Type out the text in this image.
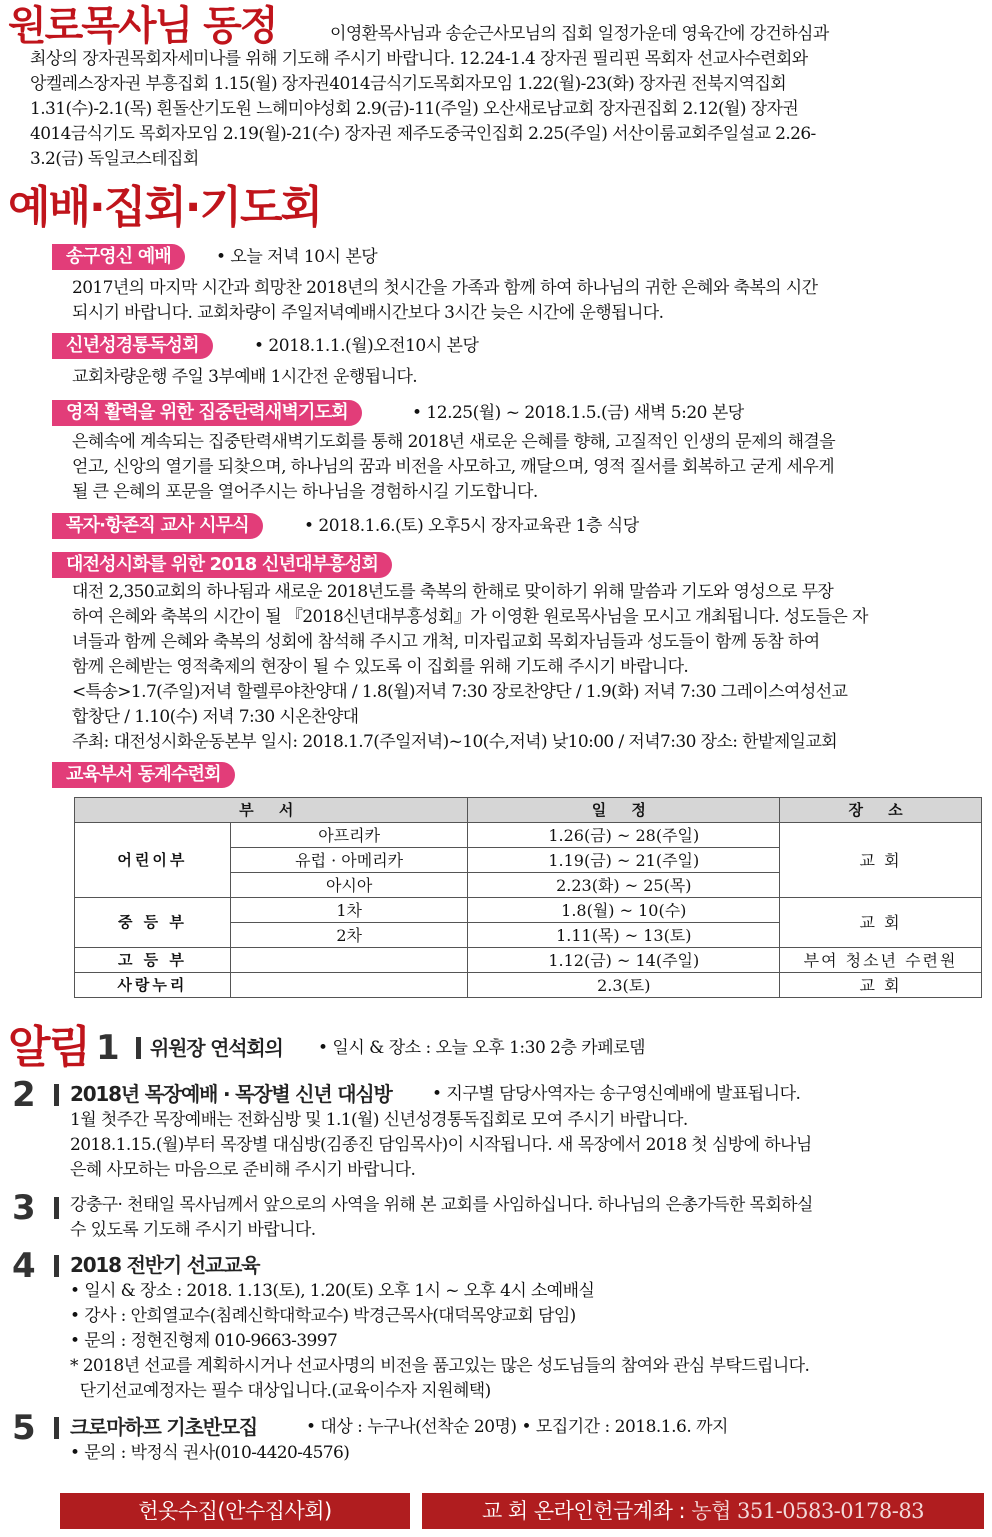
원로목사님 동정	이영환목사님과 송순근사모님의 집회 일정가운데 영육간에 강건하심과
최상의 장자권목회자세미나를 위해 기도해 주시기 바랍니다. 12.24-1.4 장자권 필리핀 목회자 선교사수련회와
앙켈레스장자권 부흥집회 1.15(월) 장자권4014금식기도목회자모임 1.22(월)-23(화) 장자권 전북지역집회
1.31(수)-2.1(목) 흰돌산기도원 느헤미야성회 2.9(금)-11(주일) 오산새로남교회 장자권집회 2.12(월) 장자권
4014금식기도 목회자모임 2.19(월)-21(수) 장자권 제주도중국인집회 2.25(주일) 서산이룸교회주일설교 2.26-
3.2(금) 독일코스테집회
예배·집회·기도회
송구영신 예배	• 오늘 저녁 10시 본당
2017년의 마지막 시간과 희망찬 2018년의 첫시간을 가족과 함께 하여 하나님의 귀한 은혜와 축복의 시간
되시기 바랍니다. 교회차량이 주일저녁예배시간보다 3시간 늦은 시간에 운행됩니다.
신년성경통독성회	• 2018.1.1.(월)오전10시 본당
교회차량운행 주일 3부예배 1시간전 운행됩니다.
영적 활력을 위한 집중탄력새벽기도회	• 12.25(월) ~ 2018.1.5.(금) 새벽 5:20 본당
은혜속에 계속되는 집중탄력새벽기도회를 통해 2018년 새로운 은혜를 향해, 고질적인 인생의 문제의 해결을
얻고, 신앙의 열기를 되찾으며, 하나님의 꿈과 비전을 사모하고, 깨달으며, 영적 질서를 회복하고 굳게 세우게
될 큰 은혜의 포문을 열어주시는 하나님을 경험하시길 기도합니다.
목자·항존직 교사 시무식	• 2018.1.6.(토) 오후5시 장자교육관 1층 식당
대전성시화를 위한 2018 신년대부흥성회
대전 2,350교회의 하나됨과 새로운 2018년도를 축복의 한해로 맞이하기 위해 말씀과 기도와 영성으로 무장
하여 은혜와 축복의 시간이 될 『2018신년대부흥성회』가 이영환 원로목사님을 모시고 개최됩니다. 성도들은 자
녀들과 함께 은혜와 축복의 성회에 참석해 주시고 개척, 미자립교회 목회자님들과 성도들이 함께 동참 하여
함께 은혜받는 영적축제의 현장이 될 수 있도록 이 집회를 위해 기도해 주시기 바랍니다.
<특송>1.7(주일)저녁 할렐루야찬양대 / 1.8(월)저녁 7:30 장로찬양단 / 1.9(화) 저녁 7:30 그레이스여성선교
합창단 / 1.10(수) 저녁 7:30 시온찬양대
주최: 대전성시화운동본부 일시: 2018.1.7(주일저녁)~10(수,저녁) 낮10:00 / 저녁7:30 장소: 한밭제일교회
교육부서 동계수련회
부 서		일 정	장 소
어린이부	아프리카	1.26(금) ~ 28(주일)	교 회
	유럽 · 아메리카	1.19(금) ~ 21(주일)	
	아시아	2.23(화) ~ 25(목)	
중 등 부	1차	1.8(월) ~ 10(수)	교 회
	2차	1.11(목) ~ 13(토)	
고 등 부		1.12(금) ~ 14(주일)	부여 청소년 수련원
사랑누리		2.3(토)	교 회
알림 1 위원장 연석회의 • 일시 & 장소 : 오늘 오후 1:30 2층 카페로뎀
2 2018년 목장예배 · 목장별 신년 대심방 • 지구별 담당사역자는 송구영신예배에 발표됩니다.
1월 첫주간 목장예배는 전화심방 및 1.1(월) 신년성경통독집회로 모여 주시기 바랍니다.
2018.1.15.(월)부터 목장별 대심방(김종진 담임목사)이 시작됩니다. 새 목장에서 2018 첫 심방에 하나님
은혜 사모하는 마음으로 준비해 주시기 바랍니다.
3 강충구· 천태일 목사님께서 앞으로의 사역을 위해 본 교회를 사임하십니다. 하나님의 은총가득한 목회하실
수 있도록 기도해 주시기 바랍니다.
4 2018 전반기 선교교육
• 일시 & 장소 : 2018. 1.13(토), 1.20(토) 오후 1시 ~ 오후 4시 소예배실
• 강사 : 안희열교수(침례신학대학교수) 박경근목사(대덕목양교회 담임)
• 문의 : 정현진형제 010-9663-3997
* 2018년 선교를 계획하시거나 선교사명의 비전을 품고있는 많은 성도님들의 참여와 관심 부탁드립니다.
단기선교예정자는 필수 대상입니다.(교육이수자 지원혜택)
5 크로마하프 기초반모집	• 대상 : 누구나(선착순 20명) • 모집기간 : 2018.1.6. 까지
• 문의 : 박정식 권사(010-4420-4576)
헌옷수집(안수집사회)	교 회 온라인헌금계좌 : 농협 351-0583-0178-83
